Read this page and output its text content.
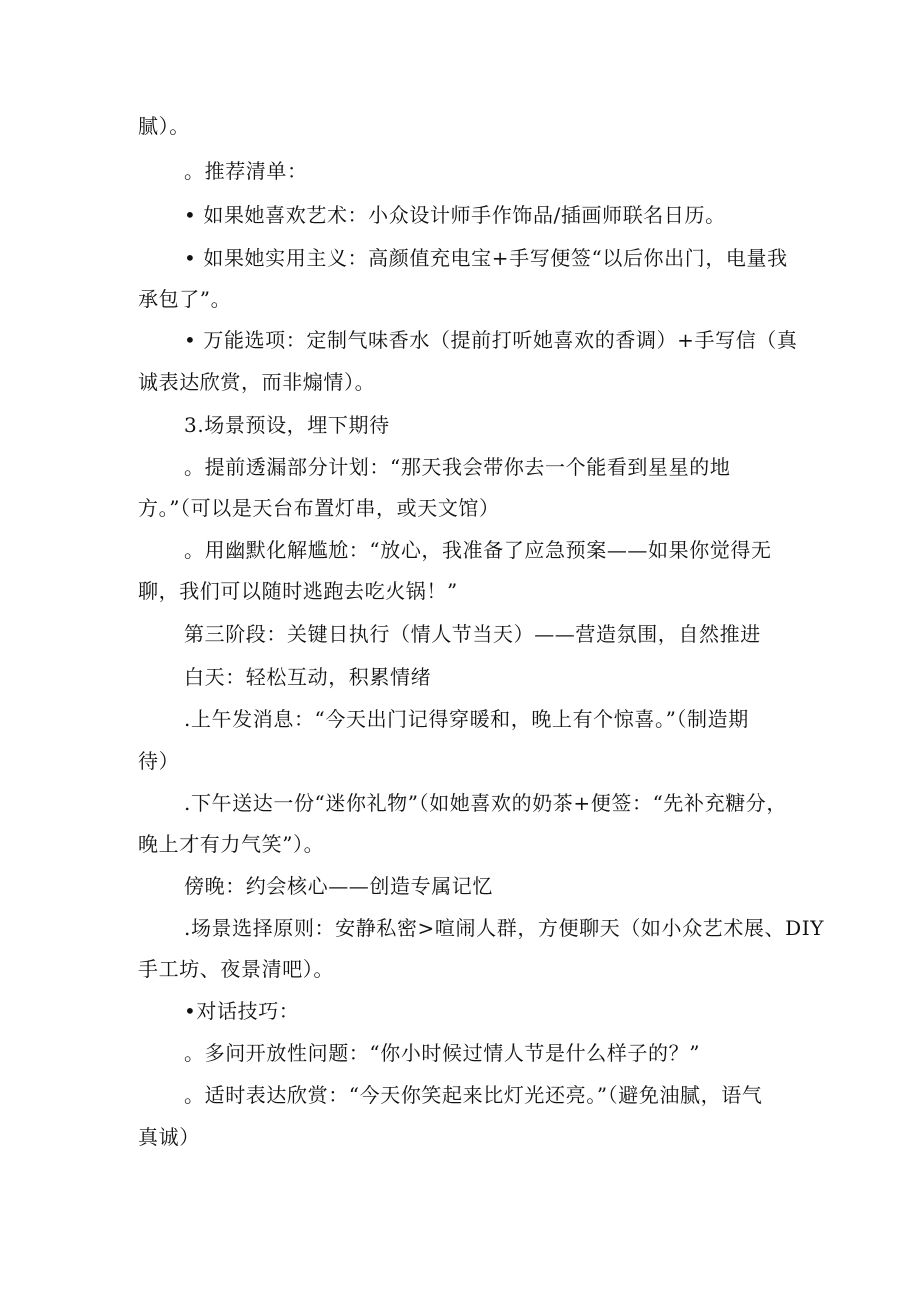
腻）。
。推荐清单：
• 如果她喜欢艺术：小众设计师手作饰品/插画师联名日历。
• 如果她实用主义：高颜值充电宝+手写便签“以后你出门，电量我
承包了”。
• 万能选项：定制气味香水（提前打听她喜欢的香调）+手写信（真
诚表达欣赏，而非煽情）。
3.场景预设，埋下期待
。提前透漏部分计划：“那天我会带你去一个能看到星星的地
方。”（可以是天台布置灯串，或天文馆）
。用幽默化解尴尬：“放心，我准备了应急预案——如果你觉得无
聊，我们可以随时逃跑去吃火锅！”
第三阶段：关键日执行（情人节当天）——营造氛围，自然推进
白天：轻松互动，积累情绪
.上午发消息：“今天出门记得穿暖和，晚上有个惊喜。”（制造期
待）
.下午送达一份“迷你礼物”（如她喜欢的奶茶+便签：“先补充糖分，
晚上才有力气笑”）。
傍晚：约会核心——创造专属记忆
.场景选择原则：安静私密>喧闹人群，方便聊天（如小众艺术展、DIY
手工坊、夜景清吧）。
•对话技巧：
。多问开放性问题：“你小时候过情人节是什么样子的？”
。适时表达欣赏：“今天你笑起来比灯光还亮。”（避免油腻，语气
真诚）
